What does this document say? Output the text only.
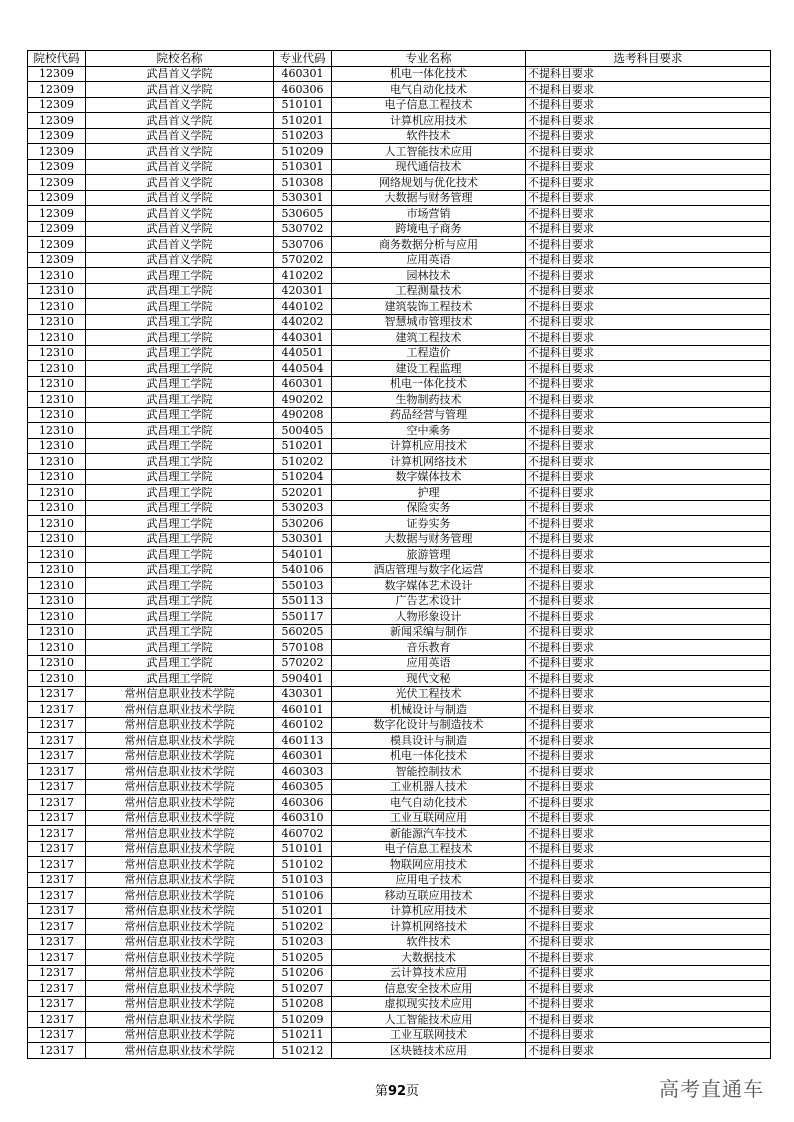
院校代码	院校名称	专业代码	专业名称	选考科目要求
12309	武昌首义学院	460301	机电一体化技术	不提科目要求
12309	武昌首义学院	460306	电气自动化技术	不提科目要求
12309	武昌首义学院	510101	电子信息工程技术	不提科目要求
12309	武昌首义学院	510201	计算机应用技术	不提科目要求
12309	武昌首义学院	510203	软件技术	不提科目要求
12309	武昌首义学院	510209	人工智能技术应用	不提科目要求
12309	武昌首义学院	510301	现代通信技术	不提科目要求
12309	武昌首义学院	510308	网络规划与优化技术	不提科目要求
12309	武昌首义学院	530301	大数据与财务管理	不提科目要求
12309	武昌首义学院	530605	市场营销	不提科目要求
12309	武昌首义学院	530702	跨境电子商务	不提科目要求
12309	武昌首义学院	530706	商务数据分析与应用	不提科目要求
12309	武昌首义学院	570202	应用英语	不提科目要求
12310	武昌理工学院	410202	园林技术	不提科目要求
12310	武昌理工学院	420301	工程测量技术	不提科目要求
12310	武昌理工学院	440102	建筑装饰工程技术	不提科目要求
12310	武昌理工学院	440202	智慧城市管理技术	不提科目要求
12310	武昌理工学院	440301	建筑工程技术	不提科目要求
12310	武昌理工学院	440501	工程造价	不提科目要求
12310	武昌理工学院	440504	建设工程监理	不提科目要求
12310	武昌理工学院	460301	机电一体化技术	不提科目要求
12310	武昌理工学院	490202	生物制药技术	不提科目要求
12310	武昌理工学院	490208	药品经营与管理	不提科目要求
12310	武昌理工学院	500405	空中乘务	不提科目要求
12310	武昌理工学院	510201	计算机应用技术	不提科目要求
12310	武昌理工学院	510202	计算机网络技术	不提科目要求
12310	武昌理工学院	510204	数字媒体技术	不提科目要求
12310	武昌理工学院	520201	护理	不提科目要求
12310	武昌理工学院	530203	保险实务	不提科目要求
12310	武昌理工学院	530206	证券实务	不提科目要求
12310	武昌理工学院	530301	大数据与财务管理	不提科目要求
12310	武昌理工学院	540101	旅游管理	不提科目要求
12310	武昌理工学院	540106	酒店管理与数字化运营	不提科目要求
12310	武昌理工学院	550103	数字媒体艺术设计	不提科目要求
12310	武昌理工学院	550113	广告艺术设计	不提科目要求
12310	武昌理工学院	550117	人物形象设计	不提科目要求
12310	武昌理工学院	560205	新闻采编与制作	不提科目要求
12310	武昌理工学院	570108	音乐教育	不提科目要求
12310	武昌理工学院	570202	应用英语	不提科目要求
12310	武昌理工学院	590401	现代文秘	不提科目要求
12317	常州信息职业技术学院	430301	光伏工程技术	不提科目要求
12317	常州信息职业技术学院	460101	机械设计与制造	不提科目要求
12317	常州信息职业技术学院	460102	数字化设计与制造技术	不提科目要求
12317	常州信息职业技术学院	460113	模具设计与制造	不提科目要求
12317	常州信息职业技术学院	460301	机电一体化技术	不提科目要求
12317	常州信息职业技术学院	460303	智能控制技术	不提科目要求
12317	常州信息职业技术学院	460305	工业机器人技术	不提科目要求
12317	常州信息职业技术学院	460306	电气自动化技术	不提科目要求
12317	常州信息职业技术学院	460310	工业互联网应用	不提科目要求
12317	常州信息职业技术学院	460702	新能源汽车技术	不提科目要求
12317	常州信息职业技术学院	510101	电子信息工程技术	不提科目要求
12317	常州信息职业技术学院	510102	物联网应用技术	不提科目要求
12317	常州信息职业技术学院	510103	应用电子技术	不提科目要求
12317	常州信息职业技术学院	510106	移动互联应用技术	不提科目要求
12317	常州信息职业技术学院	510201	计算机应用技术	不提科目要求
12317	常州信息职业技术学院	510202	计算机网络技术	不提科目要求
12317	常州信息职业技术学院	510203	软件技术	不提科目要求
12317	常州信息职业技术学院	510205	大数据技术	不提科目要求
12317	常州信息职业技术学院	510206	云计算技术应用	不提科目要求
12317	常州信息职业技术学院	510207	信息安全技术应用	不提科目要求
12317	常州信息职业技术学院	510208	虚拟现实技术应用	不提科目要求
12317	常州信息职业技术学院	510209	人工智能技术应用	不提科目要求
12317	常州信息职业技术学院	510211	工业互联网技术	不提科目要求
12317	常州信息职业技术学院	510212	区块链技术应用	不提科目要求
第92页	高考直通车
